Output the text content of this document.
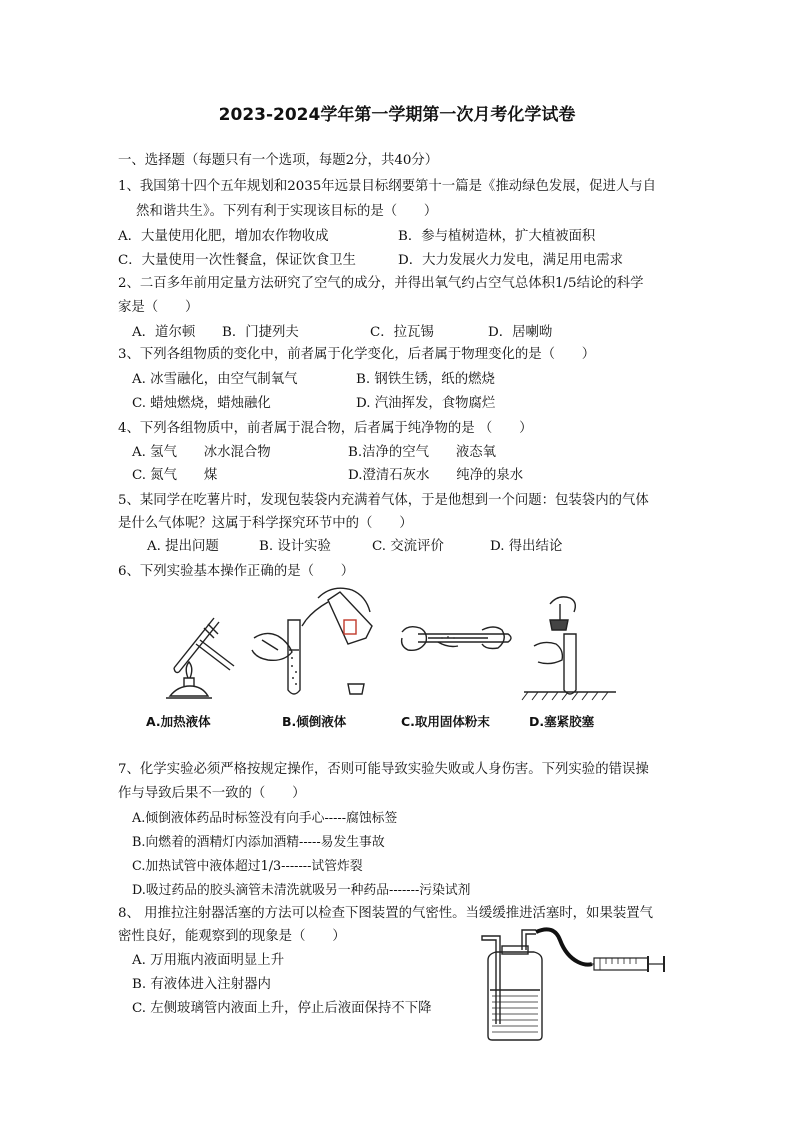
2023-2024学年第一学期第一次月考化学试卷
一、选择题（每题只有一个选项，每题2分，共40分）
1、我国第十四个五年规划和2035年远景目标纲要第十一篇是《推动绿色发展，促进人与自
然和谐共生》。下列有利于实现该目标的是（　　）
A．大量使用化肥，增加农作物收成	B．参与植树造林，扩大植被面积
C．大量使用一次性餐盒，保证饮食卫生	D．大力发展火力发电，满足用电需求
2、二百多年前用定量方法研究了空气的成分，并得出氧气约占空气总体积1/5结论的科学
家是（　　）
A．道尔顿 B．门捷列夫	C．拉瓦锡	D．居喇呦
3、下列各组物质的变化中，前者属于化学变化，后者属于物理变化的是（　　）
A. 冰雪融化，由空气制氧气	B. 钢铁生锈，纸的燃烧
C. 蜡烛燃烧，蜡烛融化	D. 汽油挥发，食物腐烂
4、下列各组物质中，前者属于混合物，后者属于纯净物的是 （　　）
A. 氢气　　冰水混合物	B.洁净的空气　　液态氧
C. 氮气　　煤	D.澄清石灰水　　纯净的泉水
5、某同学在吃薯片时，发现包装袋内充满着气体，于是他想到一个问题：包装袋内的气体
是什么气体呢？这属于科学探究环节中的（　　）
A. 提出问题	B. 设计实验	C. 交流评价	D. 得出结论
6、下列实验基本操作正确的是（　　）
A.加热液体	B.倾倒液体	C.取用固体粉末	D.塞紧胶塞
7、化学实验必须严格按规定操作，否则可能导致实验失败或人身伤害。下列实验的错误操
作与导致后果不一致的（　　）
A.倾倒液体药品时标签没有向手心-----腐蚀标签
B.向燃着的酒精灯内添加酒精-----易发生事故
C.加热试管中液体超过1/3-------试管炸裂
D.吸过药品的胶头滴管未清洗就吸另一种药品-------污染试剂
8、 用推拉注射器活塞的方法可以检查下图装置的气密性。当缓缓推进活塞时，如果装置气
密性良好，能观察到的现象是（　　）
A. 万用瓶内液面明显上升
B. 有液体进入注射器内
C. 左侧玻璃管内液面上升，停止后液面保持不下降
